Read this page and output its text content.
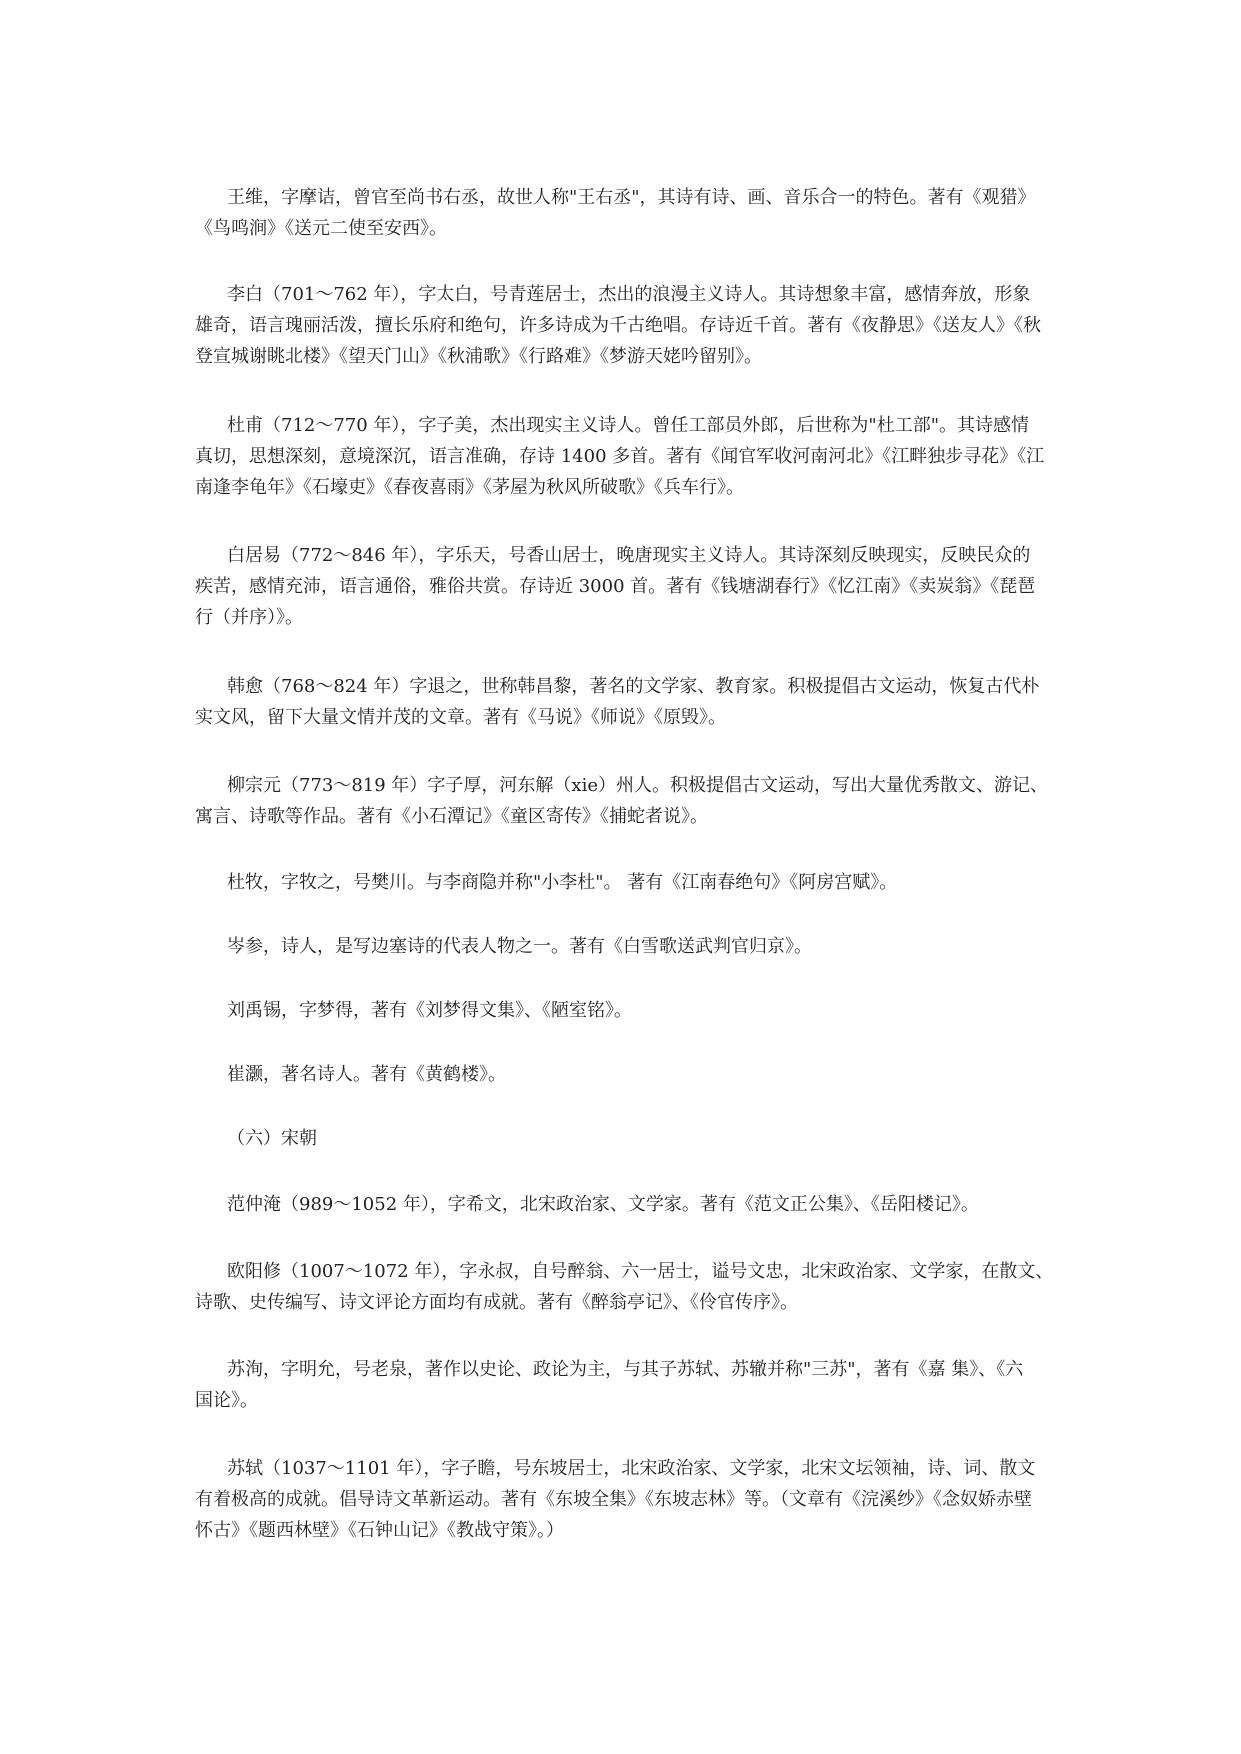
王维，字摩诘，曾官至尚书右丞，故世人称"王右丞"，其诗有诗、画、音乐合一的特色。著有《观猎》
《鸟鸣涧》《送元二使至安西》。

李白（701～762 年），字太白，号青莲居士，杰出的浪漫主义诗人。其诗想象丰富，感情奔放，形象
雄奇，语言瑰丽活泼，擅长乐府和绝句，许多诗成为千古绝唱。存诗近千首。著有《夜静思》《送友人》《秋
登宣城谢眺北楼》《望天门山》《秋浦歌》《行路难》《梦游天姥吟留别》。

杜甫（712～770 年），字子美，杰出现实主义诗人。曾任工部员外郎，后世称为"杜工部"。其诗感情
真切，思想深刻，意境深沉，语言准确，存诗 1400 多首。著有《闻官军收河南河北》《江畔独步寻花》《江
南逢李龟年》《石壕吏》《春夜喜雨》《茅屋为秋风所破歌》《兵车行》。

白居易（772～846 年），字乐天，号香山居士，晚唐现实主义诗人。其诗深刻反映现实，反映民众的
疾苦，感情充沛，语言通俗，雅俗共赏。存诗近 3000 首。著有《钱塘湖春行》《忆江南》《卖炭翁》《琵琶
行（并序）》。

韩愈（768～824 年）字退之，世称韩昌黎，著名的文学家、教育家。积极提倡古文运动，恢复古代朴
实文风，留下大量文情并茂的文章。著有《马说》《师说》《原毁》。

柳宗元（773～819 年）字子厚，河东解（xie）州人。积极提倡古文运动，写出大量优秀散文、游记、
寓言、诗歌等作品。著有《小石潭记》《童区寄传》《捕蛇者说》。

杜牧，字牧之，号樊川。与李商隐并称"小李杜"。 著有《江南春绝句》《阿房宫赋》。

岑参，诗人，是写边塞诗的代表人物之一。著有《白雪歌送武判官归京》。

刘禹锡，字梦得，著有《刘梦得文集》、《陋室铭》。

崔灏，著名诗人。著有《黄鹤楼》。

（六）宋朝

范仲淹（989～1052 年），字希文，北宋政治家、文学家。著有《范文正公集》、《岳阳楼记》。

欧阳修（1007～1072 年），字永叔，自号醉翁、六一居士，谥号文忠，北宋政治家、文学家，在散文、
诗歌、史传编写、诗文评论方面均有成就。著有《醉翁亭记》、《伶官传序》。

苏洵，字明允，号老泉，著作以史论、政论为主，与其子苏轼、苏辙并称"三苏"，著有《嘉 集》、《六
国论》。

苏轼（1037～1101 年），字子瞻，号东坡居士，北宋政治家、文学家，北宋文坛领袖，诗、词、散文
有着极高的成就。倡导诗文革新运动。著有《东坡全集》《东坡志林》等。（文章有《浣溪纱》《念奴娇赤壁
怀古》《题西林壁》《石钟山记》《教战守策》。）
